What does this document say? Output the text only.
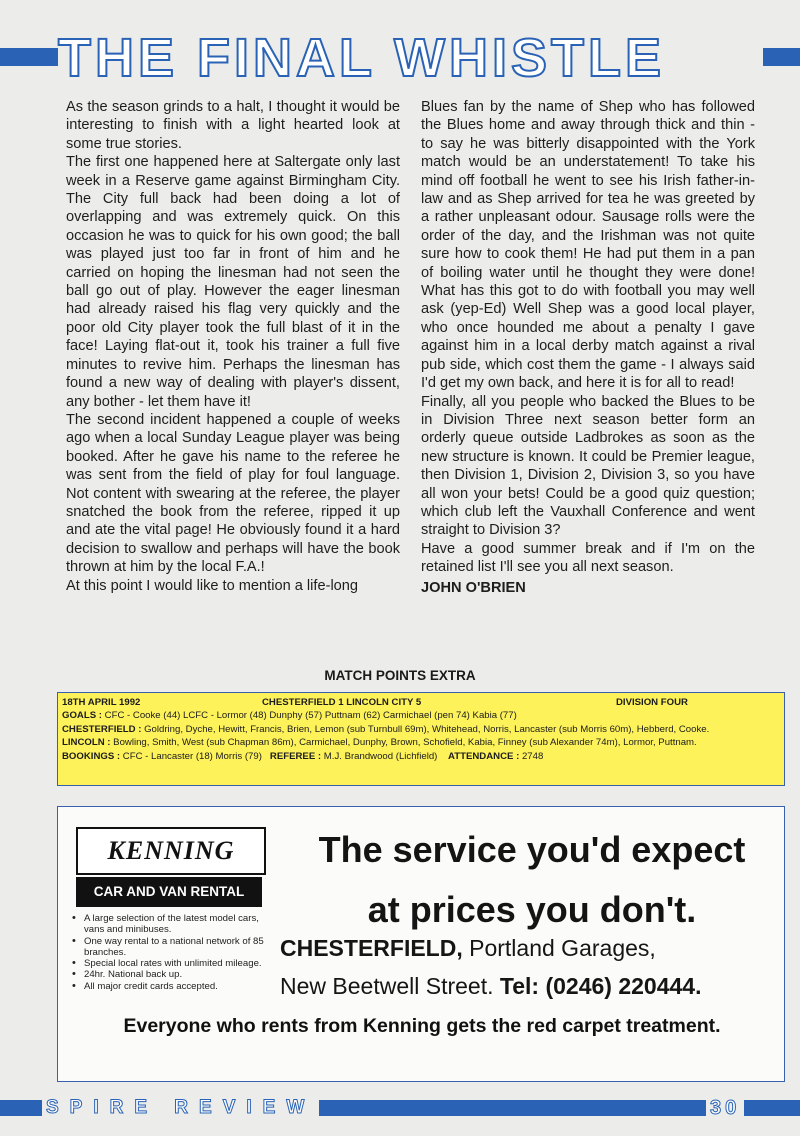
THE FINAL WHISTLE

As the season grinds to a halt, I thought it would be interesting to finish with a light hearted look at some true stories.

The first one happened here at Saltergate only last week in a Reserve game against Birmingham City. The City full back had been doing a lot of overlapping and was extremely quick. On this occasion he was to quick for his own good; the ball was played just too far in front of him and he carried on hoping the linesman had not seen the ball go out of play. However the eager linesman had already raised his flag very quickly and the poor old City player took the full blast of it in the face! Laying flat-out it, took his trainer a full five minutes to revive him. Perhaps the linesman has found a new way of dealing with player's dissent, any bother - let them have it!

The second incident happened a couple of weeks ago when a local Sunday League player was being booked. After he gave his name to the referee he was sent from the field of play for foul language. Not content with swearing at the referee, the player snatched the book from the referee, ripped it up and ate the vital page! He obviously found it a hard decision to swallow and perhaps will have the book thrown at him by the local F.A.!

At this point I would like to mention a life-long

Blues fan by the name of Shep who has followed the Blues home and away through thick and thin - to say he was bitterly disappointed with the York match would be an understatement! To take his mind off football he went to see his Irish father-in-law and as Shep arrived for tea he was greeted by a rather unpleasant odour. Sausage rolls were the order of the day, and the Irishman was not quite sure how to cook them! He had put them in a pan of boiling water until he thought they were done! What has this got to do with football you may well ask (yep-Ed) Well Shep was a good local player, who once hounded me about a penalty I gave against him in a local derby match against a rival pub side, which cost them the game - I always said I'd get my own back, and here it is for all to read!

Finally, all you people who backed the Blues to be in Division Three next season better form an orderly queue outside Ladbrokes as soon as the new structure is known. It could be Premier league, then Division 1, Division 2, Division 3, so you have all won your bets! Could be a good quiz question; which club left the Vauxhall Conference and went straight to Division 3?

Have a good summer break and if I'm on the retained list I'll see you all next season.

JOHN O'BRIEN

MATCH POINTS EXTRA
18TH APRIL 1992	CHESTERFIELD 1 LINCOLN CITY 5	DIVISION FOUR
GOALS : CFC - Cooke (44) LCFC - Lormor (48) Dunphy (57) Puttnam (62) Carmichael (pen 74) Kabia (77)
CHESTERFIELD : Goldring, Dyche, Hewitt, Francis, Brien, Lemon (sub Turnbull 69m), Whitehead, Norris, Lancaster (sub Morris 60m), Hebberd, Cooke.
LINCOLN : Bowling, Smith, West (sub Chapman 86m), Carmichael, Dunphy, Brown, Schofield, Kabia, Finney (sub Alexander 74m), Lormor, Puttnam.
BOOKINGS : CFC - Lancaster (18) Morris (79) REFEREE : M.J. Brandwood (Lichfield) ATTENDANCE : 2748
KENNING
CAR AND VAN RENTAL
• A large selection of the latest model cars, vans and minibuses.
• One way rental to a national network of 85 branches.
• Special local rates with unlimited mileage.
• 24hr. National back up.
• All major credit cards accepted.
The service you'd expect
at prices you don't.
CHESTERFIELD, Portland Garages,
New Beetwell Street. Tel: (0246) 220444.
Everyone who rents from Kenning gets the red carpet treatment.
SPIRE REVIEW	30
